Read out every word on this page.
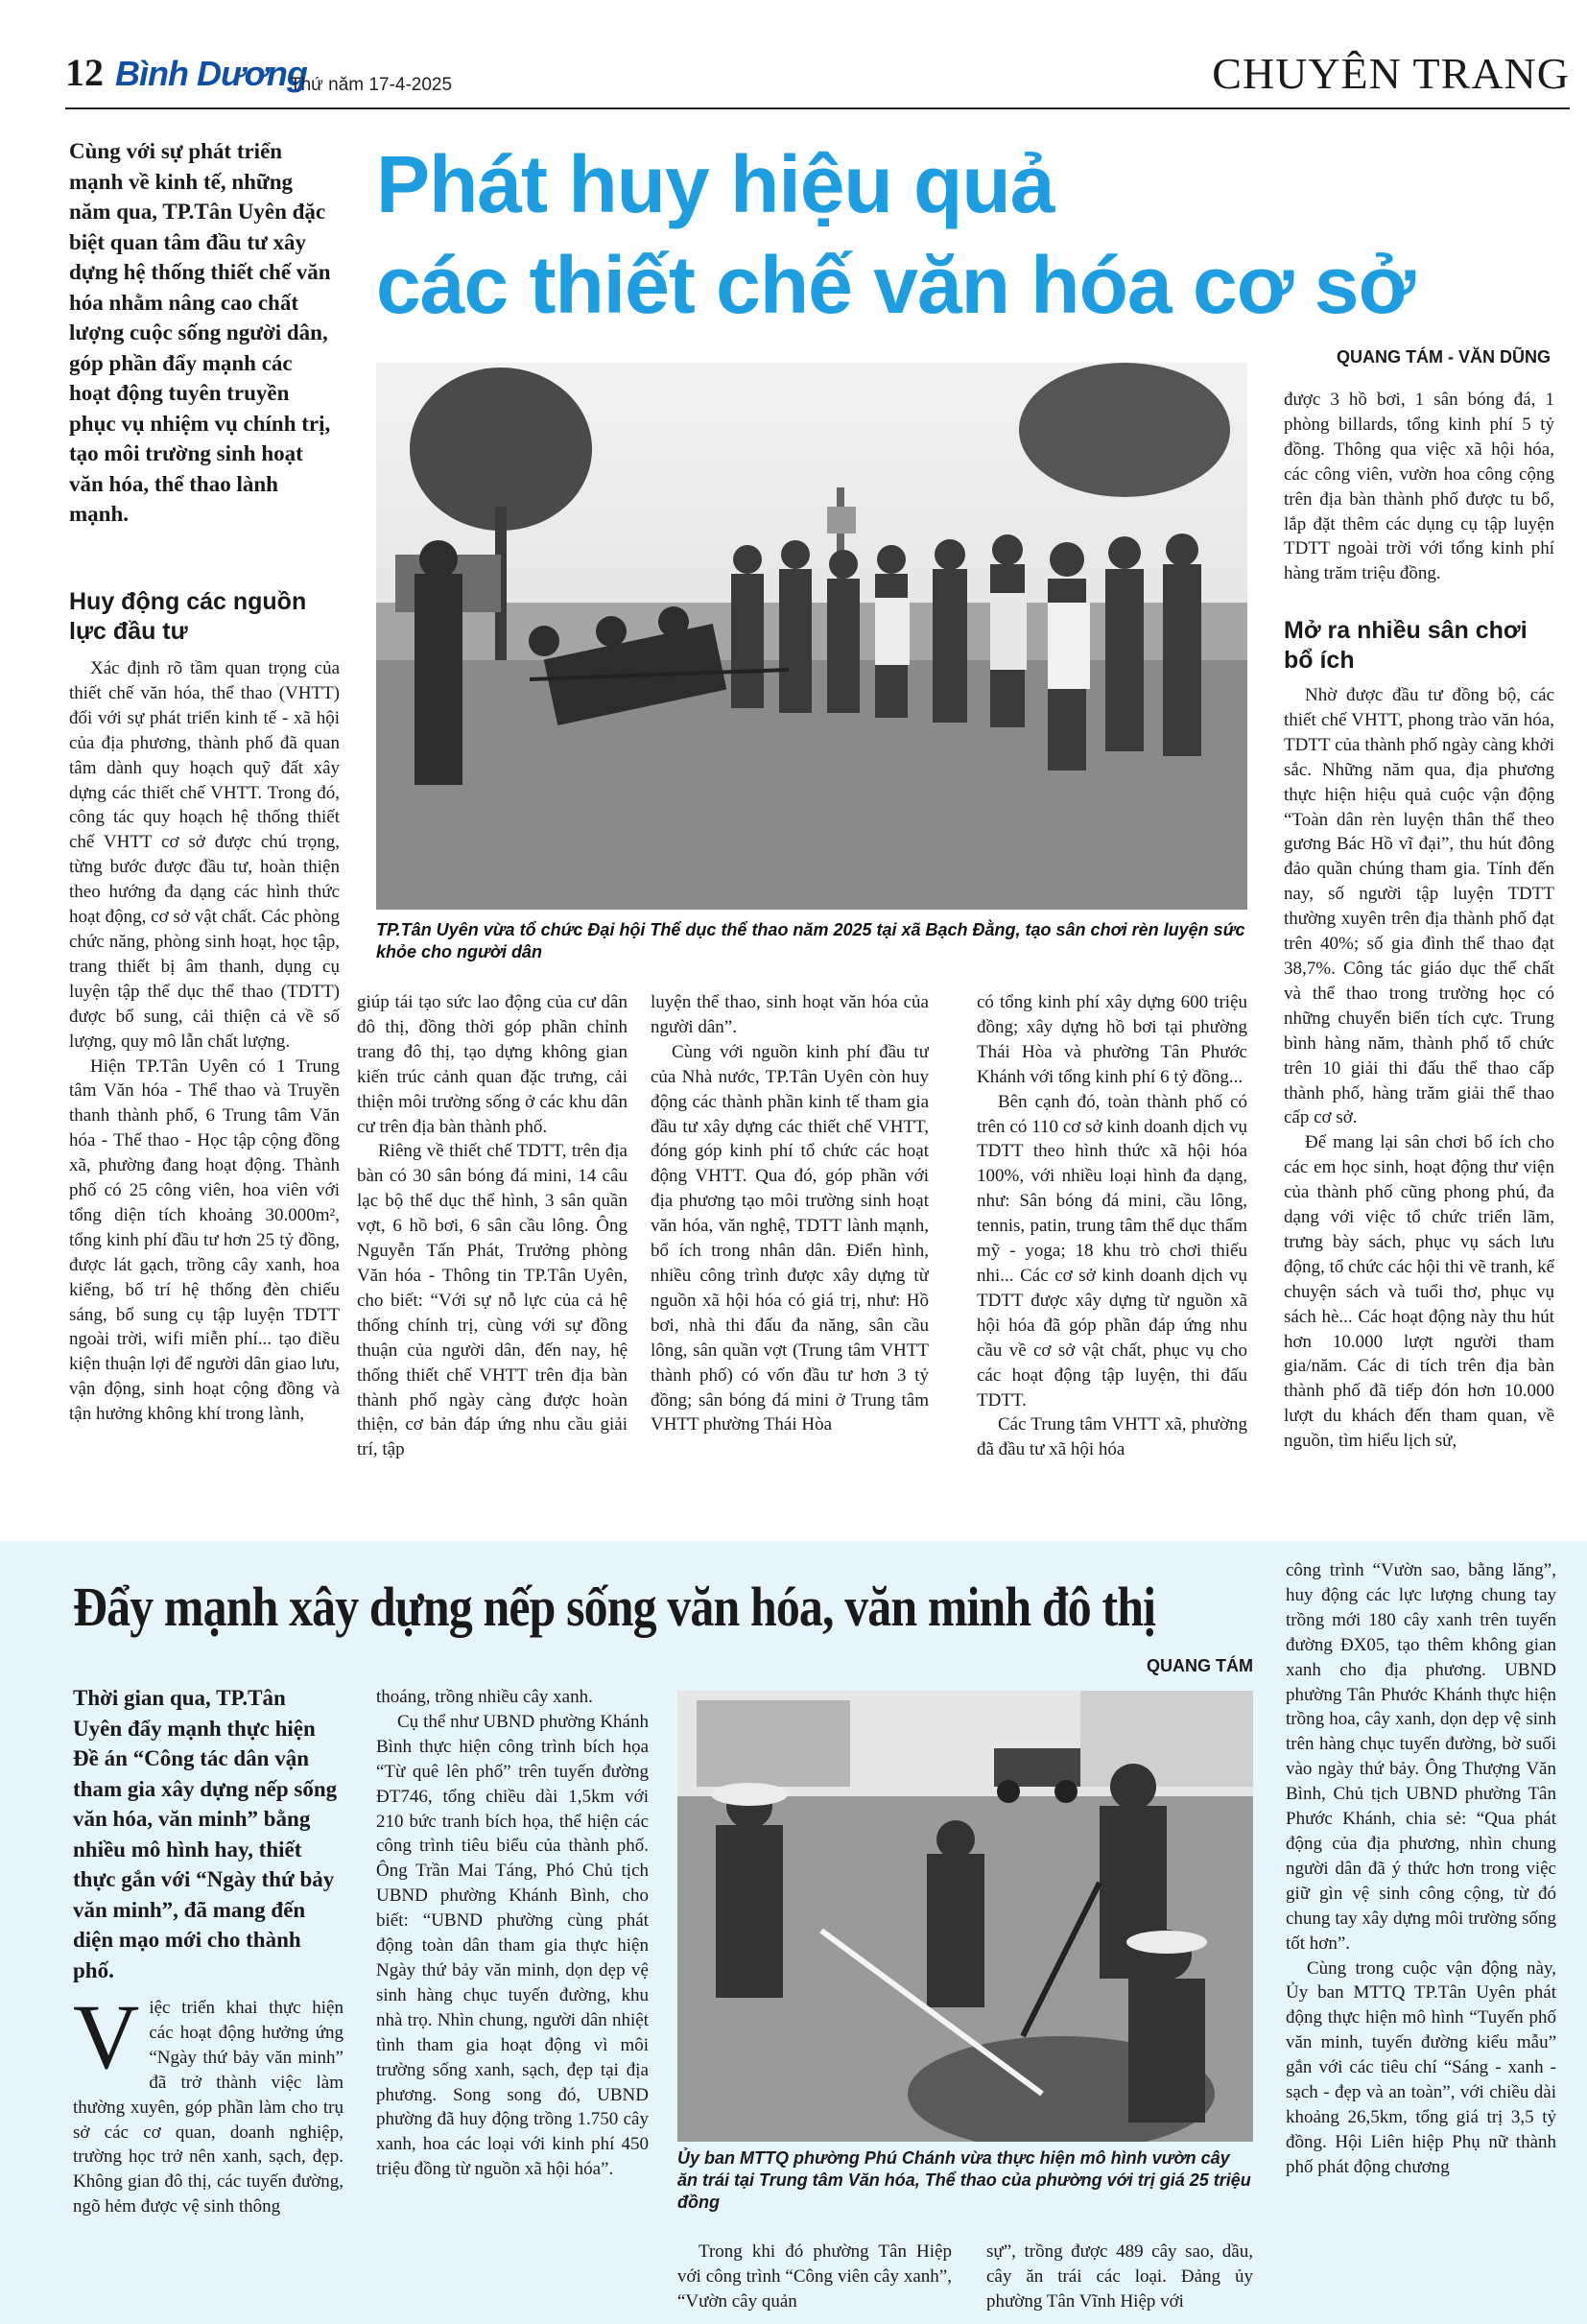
12 Bình Dương
Thứ năm 17-4-2025	CHUYÊN TRANG
Phát huy hiệu quả
các thiết chế văn hóa cơ sở
Cùng với sự phát triển mạnh về kinh tế, những năm qua, TP.Tân Uyên đặc biệt quan tâm đầu tư xây dựng hệ thống thiết chế văn hóa nhằm nâng cao chất lượng cuộc sống người dân, góp phần đẩy mạnh các hoạt động tuyên truyền phục vụ nhiệm vụ chính trị, tạo môi trường sinh hoạt văn hóa, thể thao lành mạnh.
Huy động các nguồn lực đầu tư

Xác định rõ tầm quan trọng của thiết chế văn hóa, thể thao (VHTT) đối với sự phát triển kinh tế - xã hội của địa phương, thành phố đã quan tâm dành quy hoạch quỹ đất xây dựng các thiết chế VHTT. Trong đó, công tác quy hoạch hệ thống thiết chế VHTT cơ sở được chú trọng, từng bước được đầu tư, hoàn thiện theo hướng đa dạng các hình thức hoạt động, cơ sở vật chất. Các phòng chức năng, phòng sinh hoạt, học tập, trang thiết bị âm thanh, dụng cụ luyện tập thể dục thể thao (TDTT) được bổ sung, cải thiện cả về số lượng, quy mô lẫn chất lượng.

Hiện TP.Tân Uyên có 1 Trung tâm Văn hóa - Thể thao và Truyền thanh thành phố, 6 Trung tâm Văn hóa - Thể thao - Học tập cộng đồng xã, phường đang hoạt động. Thành phố có 25 công viên, hoa viên với tổng diện tích khoảng 30.000m², tổng kinh phí đầu tư hơn 25 tỷ đồng, được lát gạch, trồng cây xanh, hoa kiểng, bố trí hệ thống đèn chiếu sáng, bổ sung cụ tập luyện TDTT ngoài trời, wifi miễn phí... tạo điều kiện thuận lợi để người dân giao lưu, vận động, sinh hoạt cộng đồng và tận hưởng không khí trong lành,

QUANG TÁM - VĂN DŨNG
TP.Tân Uyên vừa tổ chức Đại hội Thể dục thể thao năm 2025 tại xã Bạch Đằng, tạo sân chơi rèn luyện sức khỏe cho người dân

giúp tái tạo sức lao động của cư dân đô thị, đồng thời góp phần chỉnh trang đô thị, tạo dựng không gian kiến trúc cảnh quan đặc trưng, cải thiện môi trường sống ở các khu dân cư trên địa bàn thành phố.

Riêng về thiết chế TDTT, trên địa bàn có 30 sân bóng đá mini, 14 câu lạc bộ thể dục thể hình, 3 sân quần vợt, 6 hồ bơi, 6 sân cầu lông. Ông Nguyễn Tấn Phát, Trưởng phòng Văn hóa - Thông tin TP.Tân Uyên, cho biết: “Với sự nỗ lực của cả hệ thống chính trị, cùng với sự đồng thuận của người dân, đến nay, hệ thống thiết chế VHTT trên địa bàn thành phố ngày càng được hoàn thiện, cơ bản đáp ứng nhu cầu giải trí, tập

luyện thể thao, sinh hoạt văn hóa của người dân”.

Cùng với nguồn kinh phí đầu tư của Nhà nước, TP.Tân Uyên còn huy động các thành phần kinh tế tham gia đầu tư xây dựng các thiết chế VHTT, đóng góp kinh phí tổ chức các hoạt động VHTT. Qua đó, góp phần với địa phương tạo môi trường sinh hoạt văn hóa, văn nghệ, TDTT lành mạnh, bổ ích trong nhân dân. Điển hình, nhiều công trình được xây dựng từ nguồn xã hội hóa có giá trị, như: Hồ bơi, nhà thi đấu đa năng, sân cầu lông, sân quần vợt (Trung tâm VHTT thành phố) có vốn đầu tư hơn 3 tỷ đồng; sân bóng đá mini ở Trung tâm VHTT phường Thái Hòa

có tổng kinh phí xây dựng 600 triệu đồng; xây dựng hồ bơi tại phường Thái Hòa và phường Tân Phước Khánh với tổng kinh phí 6 tỷ đồng...

Bên cạnh đó, toàn thành phố có trên có 110 cơ sở kinh doanh dịch vụ TDTT theo hình thức xã hội hóa 100%, với nhiều loại hình đa dạng, như: Sân bóng đá mini, cầu lông, tennis, patin, trung tâm thể dục thẩm mỹ - yoga; 18 khu trò chơi thiếu nhi... Các cơ sở kinh doanh dịch vụ TDTT được xây dựng từ nguồn xã hội hóa đã góp phần đáp ứng nhu cầu về cơ sở vật chất, phục vụ cho các hoạt động tập luyện, thi đấu TDTT.

Các Trung tâm VHTT xã, phường đã đầu tư xã hội hóa

được 3 hồ bơi, 1 sân bóng đá, 1 phòng billards, tổng kinh phí 5 tỷ đồng. Thông qua việc xã hội hóa, các công viên, vườn hoa công cộng trên địa bàn thành phố được tu bổ, lắp đặt thêm các dụng cụ tập luyện TDTT ngoài trời với tổng kinh phí hàng trăm triệu đồng.

Mở ra nhiều sân chơi bổ ích

Nhờ được đầu tư đồng bộ, các thiết chế VHTT, phong trào văn hóa, TDTT của thành phố ngày càng khởi sắc. Những năm qua, địa phương thực hiện hiệu quả cuộc vận động “Toàn dân rèn luyện thân thể theo gương Bác Hồ vĩ đại”, thu hút đông đảo quần chúng tham gia. Tính đến nay, số người tập luyện TDTT thường xuyên trên địa thành phố đạt trên 40%; số gia đình thể thao đạt 38,7%. Công tác giáo dục thể chất và thể thao trong trường học có những chuyển biến tích cực. Trung bình hàng năm, thành phố tổ chức trên 10 giải thi đấu thể thao cấp thành phố, hàng trăm giải thể thao cấp cơ sở.

Để mang lại sân chơi bổ ích cho các em học sinh, hoạt động thư viện của thành phố cũng phong phú, đa dạng với việc tổ chức triển lãm, trưng bày sách, phục vụ sách lưu động, tổ chức các hội thi vẽ tranh, kể chuyện sách và tuổi thơ, phục vụ sách hè... Các hoạt động này thu hút hơn 10.000 lượt người tham gia/năm. Các di tích trên địa bàn thành phố đã tiếp đón hơn 10.000 lượt du khách đến tham quan, về nguồn, tìm hiểu lịch sử,

Đẩy mạnh xây dựng nếp sống văn hóa, văn minh đô thị
QUANG TÁM
Thời gian qua, TP.Tân Uyên đẩy mạnh thực hiện Đề án “Công tác dân vận tham gia xây dựng nếp sống văn hóa, văn minh” bằng nhiều mô hình hay, thiết thực gắn với “Ngày thứ bảy văn minh”, đã mang đến diện mạo mới cho thành phố.
Việc triển khai thực hiện các hoạt động hưởng ứng “Ngày thứ bảy văn minh” đã trở thành việc làm thường xuyên, góp phần làm cho trụ sở các cơ quan, doanh nghiệp, trường học trở nên xanh, sạch, đẹp. Không gian đô thị, các tuyến đường, ngõ hẻm được vệ sinh thông

thoáng, trồng nhiều cây xanh.

Cụ thể như UBND phường Khánh Bình thực hiện công trình bích họa “Từ quê lên phố” trên tuyến đường ĐT746, tổng chiều dài 1,5km với 210 bức tranh bích họa, thể hiện các công trình tiêu biểu của thành phố. Ông Trần Mai Táng, Phó Chủ tịch UBND phường Khánh Bình, cho biết: “UBND phường cùng phát động toàn dân tham gia thực hiện Ngày thứ bảy văn minh, dọn dẹp vệ sinh hàng chục tuyến đường, khu nhà trọ. Nhìn chung, người dân nhiệt tình tham gia hoạt động vì môi trường sống xanh, sạch, đẹp tại địa phương. Song song đó, UBND phường đã huy động trồng 1.750 cây xanh, hoa các loại với kinh phí 450 triệu đồng từ nguồn xã hội hóa”.

Ủy ban MTTQ phường Phú Chánh vừa thực hiện mô hình vườn cây ăn trái tại Trung tâm Văn hóa, Thể thao của phường với trị giá 25 triệu đồng

Trong khi đó phường Tân Hiệp với công trình “Công viên cây xanh”, “Vườn cây quản

sự”, trồng được 489 cây sao, dầu, cây ăn trái các loại. Đảng ủy phường Tân Vĩnh Hiệp với

công trình “Vườn sao, bằng lăng”, huy động các lực lượng chung tay trồng mới 180 cây xanh trên tuyến đường ĐX05, tạo thêm không gian xanh cho địa phương. UBND phường Tân Phước Khánh thực hiện trồng hoa, cây xanh, dọn dẹp vệ sinh trên hàng chục tuyến đường, bờ suối vào ngày thứ bảy. Ông Thượng Văn Bình, Chủ tịch UBND phường Tân Phước Khánh, chia sẻ: “Qua phát động của địa phương, nhìn chung người dân đã ý thức hơn trong việc giữ gìn vệ sinh công cộng, từ đó chung tay xây dựng môi trường sống tốt hơn”.

Cùng trong cuộc vận động này, Ủy ban MTTQ TP.Tân Uyên phát động thực hiện mô hình “Tuyến phố văn minh, tuyến đường kiểu mẫu” gắn với các tiêu chí “Sáng - xanh - sạch - đẹp và an toàn”, với chiều dài khoảng 26,5km, tổng giá trị 3,5 tỷ đồng. Hội Liên hiệp Phụ nữ thành phố phát động chương
